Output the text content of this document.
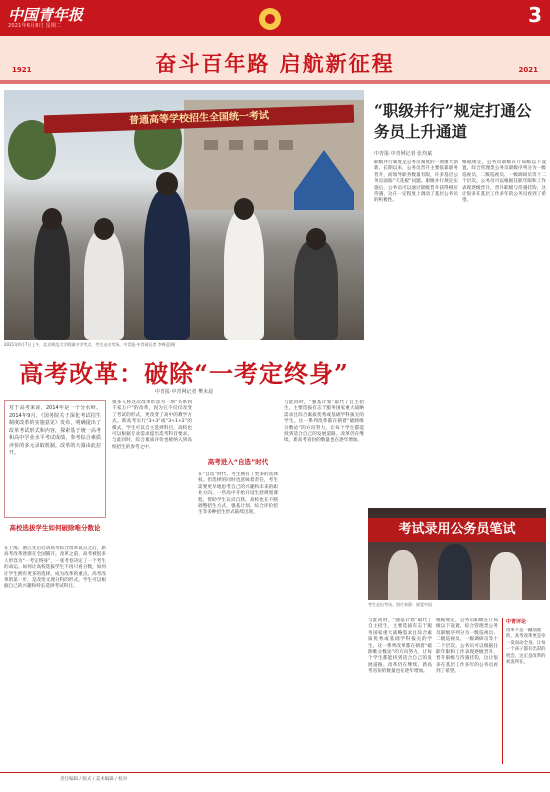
中国青年报
2021年6月8日 星期二	3
1921	2021
奋斗百年路 启航新征程
普通高等学校招生全国统一考试
2021年6月7日上午，北京师范大学附属中学考点，考生走出考场。中青报·中青网记者 李峥苨/摄
高考改革：破除“一考定终身”
中青报·中青网记者 樊未晨
对于高考来说，2014年是一个分水岭。2014年9月，《国务院关于深化考试招生制度改革的实施意见》发布，明确提出了改革考试形式和内容，探索基于统一高考和高中学业水平考试成绩、参考综合素质评价的多元录取机制。改革的大幕由此拉开。
高校选拔学生如何破除唯分数论
在上海、浙江先后启动高考综合改革试点之后，新高考改革逐渐在全国铺开。改革之前，高考被很多人形容为“一考定终身”，一张考卷决定了一个考生的命运。如何让高校选拔学生不再只看分数，如何让学生拥有更多的选择，成为改革的重点。高考改革的第一步，是改变文理分科的形式，学生可以根据自己的兴趣和特长选择考试科目。
很多人将这次改革形容为一场“关系到千家万户”的改革，因为它不仅仅改变了考试的形式，更改变了高中的教学方式。新高考实行“3+3”或“3+1+2”的模式，学生可以自主选择科目，高校也可以根据专业需求提出选考科目要求。与此同时，综合素质评价也被纳入到高校招生的参考之中。
高考进入“自选”时代
在“自选”时代，考生拥有了更多的选择权。但选择的同时也意味着责任，考生需要更早地思考自己的兴趣和未来的职业方向。一些高中开始开设生涯规划课程，帮助学生认识自我。高校也在不断调整招生方式，强基计划、综合评价招生等多种招生形式陆续出现。
与此同时，“强基计划”取代了自主招生，主要选拔有志于服务国家重大战略需求且综合素质优秀或基础学科拔尖的学生。这一系列改革都在朝着“破除唯分数论”的方向努力，让每个学生都能找到适合自己的发展道路。改革仍在继续，新高考省份的数量也在逐年增加。
“职级并行”规定打通公务员上升通道
中青报·中青网记者 张均斌
职级并行制度是公务员制度的一项重大创新。长期以来，公务员晋升主要依靠职务晋升，而领导职务数量有限，许多基层公务员面临“天花板”问题。职级并行规定实施后，公务员可以通过职级晋升获得相应待遇，这在一定程度上调动了基层公务员的积极性。
根据规定，公务员职级在厅局级以下设置，综合管理类公务员职级序列分为一级巡视员、二级巡视员、一级调研员等十二个层次。公务员可以根据任职年限和工作表现逐级晋升，晋升职级与待遇挂钩，这让很多在基层工作多年的公务员看到了希望。
考试录用公务员笔试
考生走出考场。图片来源：视觉中国
与此同时，“强基计划”取代了自主招生，主要选拔有志于服务国家重大战略需求且综合素质优秀或基础学科拔尖的学生。这一系列改革都在朝着“破除唯分数论”的方向努力，让每个学生都能找到适合自己的发展道路。改革仍在继续，新高考省份的数量也在逐年增加。
根据规定，公务员职级在厅局级以下设置，综合管理类公务员职级序列分为一级巡视员、二级巡视员、一级调研员等十二个层次。公务员可以根据任职年限和工作表现逐级晋升，晋升职级与待遇挂钩，这让很多在基层工作多年的公务员看到了希望。
中青评论
改革不是一蹴而就的，高考改革更是牵一发而动全身。让每一个孩子都有出彩的机会，这正是改革的初衷所在。
责任编辑 / 版式 / 美术编辑 / 校对
